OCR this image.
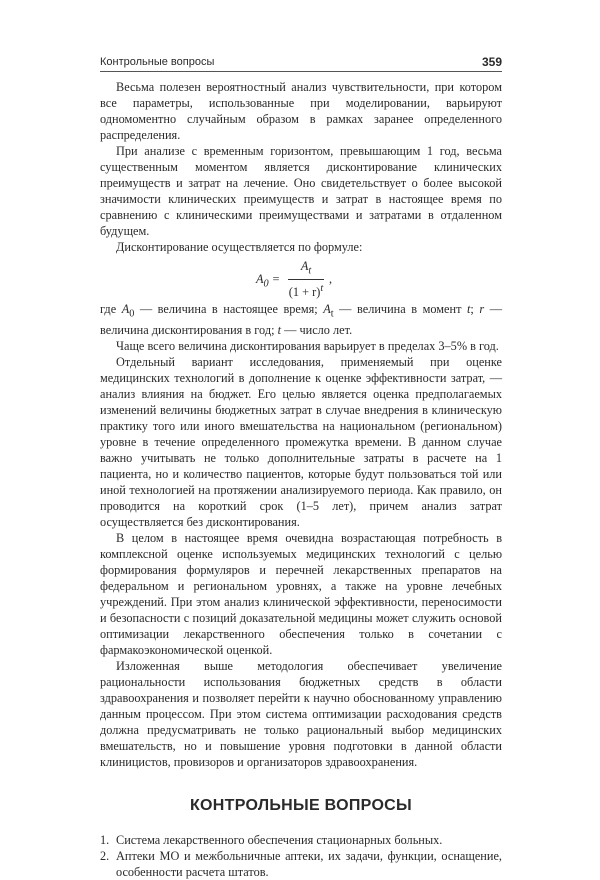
Контрольные вопросы	359

Весьма полезен вероятностный анализ чувствительности, при котором все параметры, использованные при моделировании, варьируют одномоментно случайным образом в рамках заранее определенного распределения.

При анализе с временным горизонтом, превышающим 1 год, весьма существенным моментом является дисконтирование клинических преимуществ и затрат на лечение. Оно свидетельствует о более высокой значимости клинических преимуществ и затрат в настоящее время по сравнению с клиническими преимуществами и затратами в отдаленном будущем.

Дисконтирование осуществляется по формуле:

$A_0$ =
$A_t$
$(1 + r)^t$
,

где $A_0$ — величина в настоящее время; $A_t$ — величина в момент t; r — величина дисконтирования в год; t — число лет.

Чаще всего величина дисконтирования варьирует в пределах 3–5% в год.

Отдельный вариант исследования, применяемый при оценке медицинских технологий в дополнение к оценке эффективности затрат, — анализ влияния на бюджет. Его целью является оценка предполагаемых изменений величины бюджетных затрат в случае внедрения в клиническую практику того или иного вмешательства на национальном (региональном) уровне в течение определенного промежутка времени. В данном случае важно учитывать не только дополнительные затраты в расчете на 1 пациента, но и количество пациентов, которые будут пользоваться той или иной технологией на протяжении анализируемого периода. Как правило, он проводится на короткий срок (1–5 лет), причем анализ затрат осуществляется без дисконтирования.

В целом в настоящее время очевидна возрастающая потребность в комплексной оценке используемых медицинских технологий с целью формирования формуляров и перечней лекарственных препаратов на федеральном и региональном уровнях, а также на уровне лечебных учреждений. При этом анализ клинической эффективности, переносимости и безопасности с позиций доказательной медицины может служить основой оптимизации лекарственного обеспечения только в сочетании с фармакоэкономической оценкой.

Изложенная выше методология обеспечивает увеличение рациональности использования бюджетных средств в области здравоохранения и позволяет перейти к научно обоснованному управлению данным процессом. При этом система оптимизации расходования средств должна предусматривать не только рациональный выбор медицинских вмешательств, но и повышение уровня подготовки в данной области клиницистов, провизоров и организаторов здравоохранения.

КОНТРОЛЬНЫЕ ВОПРОСЫ
1. Система лекарственного обеспечения стационарных больных.
2. Аптеки МО и межбольничные аптеки, их задачи, функции, оснащение, особенности расчета штатов.
